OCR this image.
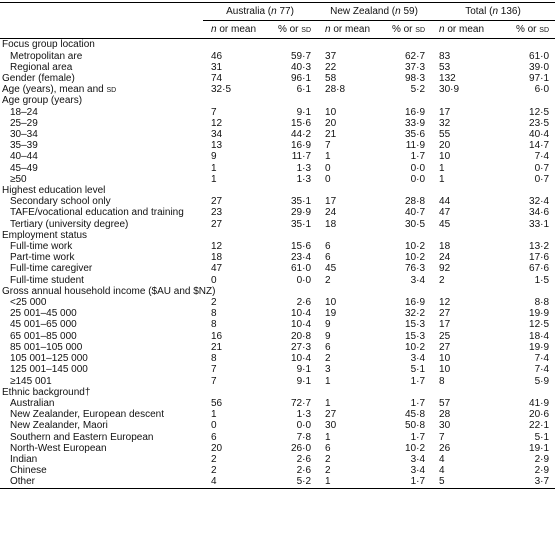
	Australia (n 77)		New Zealand (n 59)		Total (n 136)	
	n or mean	% or sd	n or mean	% or sd	n or mean	% or sd
Focus group location						
Metropolitan are	46	59·7	37	62·7	83	61·0
Regional area	31	40·3	22	37·3	53	39·0
Gender (female)	74	96·1	58	98·3	132	97·1
Age (years), mean and sd	32·5	6·1	28·8	5·2	30·9	6·0
Age group (years)						
18–24	7	9·1	10	16·9	17	12·5
25–29	12	15·6	20	33·9	32	23·5
30–34	34	44·2	21	35·6	55	40·4
35–39	13	16·9	7	11·9	20	14·7
40–44	9	11·7	1	1·7	10	7·4
45–49	1	1·3	0	0·0	1	0·7
≥50	1	1·3	0	0·0	1	0·7
Highest education level						
Secondary school only	27	35·1	17	28·8	44	32·4
TAFE/vocational education and training	23	29·9	24	40·7	47	34·6
Tertiary (university degree)	27	35·1	18	30·5	45	33·1
Employment status						
Full-time work	12	15·6	6	10·2	18	13·2
Part-time work	18	23·4	6	10·2	24	17·6
Full-time caregiver	47	61·0	45	76·3	92	67·6
Full-time student	0	0·0	2	3·4	2	1·5
Gross annual household income ($AU and $NZ)						
<25 000	2	2·6	10	16·9	12	8·8
25 001–45 000	8	10·4	19	32·2	27	19·9
45 001–65 000	8	10·4	9	15·3	17	12·5
65 001–85 000	16	20·8	9	15·3	25	18·4
85 001–105 000	21	27·3	6	10·2	27	19·9
105 001–125 000	8	10·4	2	3·4	10	7·4
125 001–145 000	7	9·1	3	5·1	10	7·4
≥145 001	7	9·1	1	1·7	8	5·9
Ethnic background†						
Australian	56	72·7	1	1·7	57	41·9
New Zealander, European descent	1	1·3	27	45·8	28	20·6
New Zealander, Maori	0	0·0	30	50·8	30	22·1
Southern and Eastern European	6	7·8	1	1·7	7	5·1
North-West European	20	26·0	6	10·2	26	19·1
Indian	2	2·6	2	3·4	4	2·9
Chinese	2	2·6	2	3·4	4	2·9
Other	4	5·2	1	1·7	5	3·7
